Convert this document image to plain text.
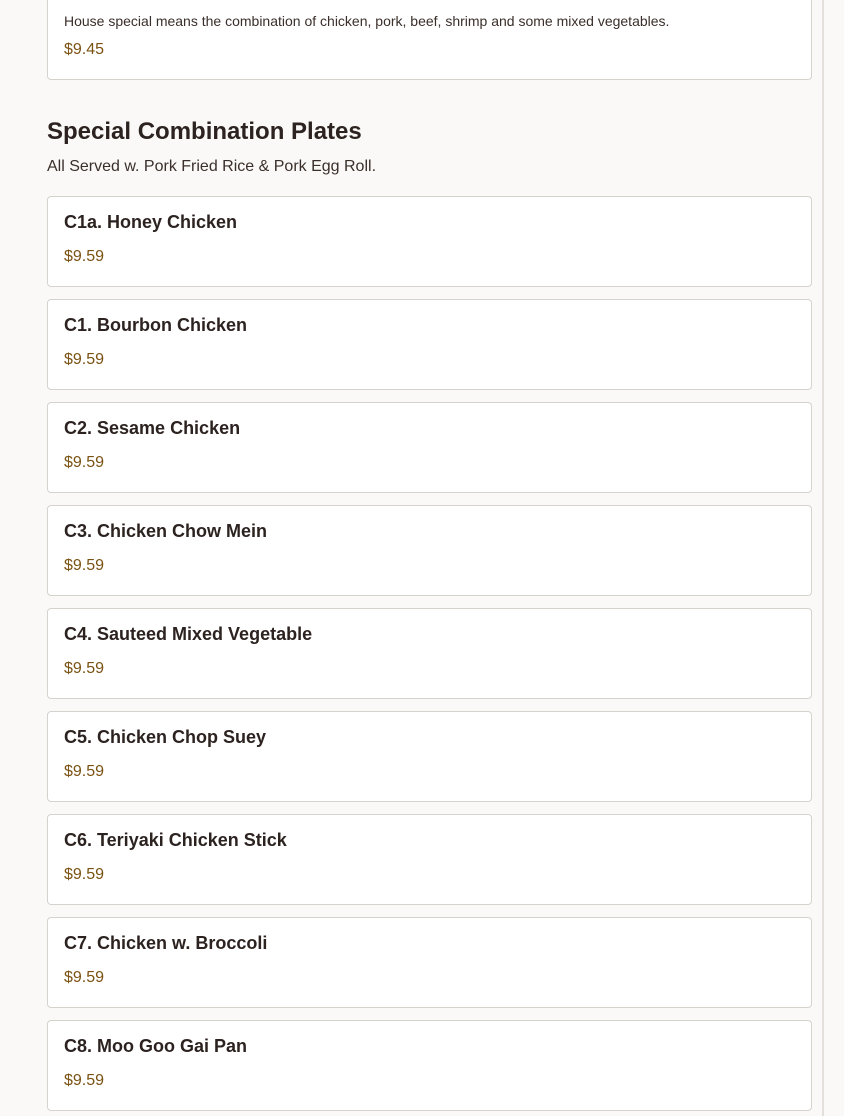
House special means the combination of chicken, pork, beef, shrimp and some mixed vegetables.
$9.45
Special Combination Plates

All Served w. Pork Fried Rice & Pork Egg Roll.

C1a. Honey Chicken
$9.59
C1. Bourbon Chicken
$9.59
C2. Sesame Chicken
$9.59
C3. Chicken Chow Mein
$9.59
C4. Sauteed Mixed Vegetable
$9.59
C5. Chicken Chop Suey
$9.59
C6. Teriyaki Chicken Stick
$9.59
C7. Chicken w. Broccoli
$9.59
C8. Moo Goo Gai Pan
$9.59
